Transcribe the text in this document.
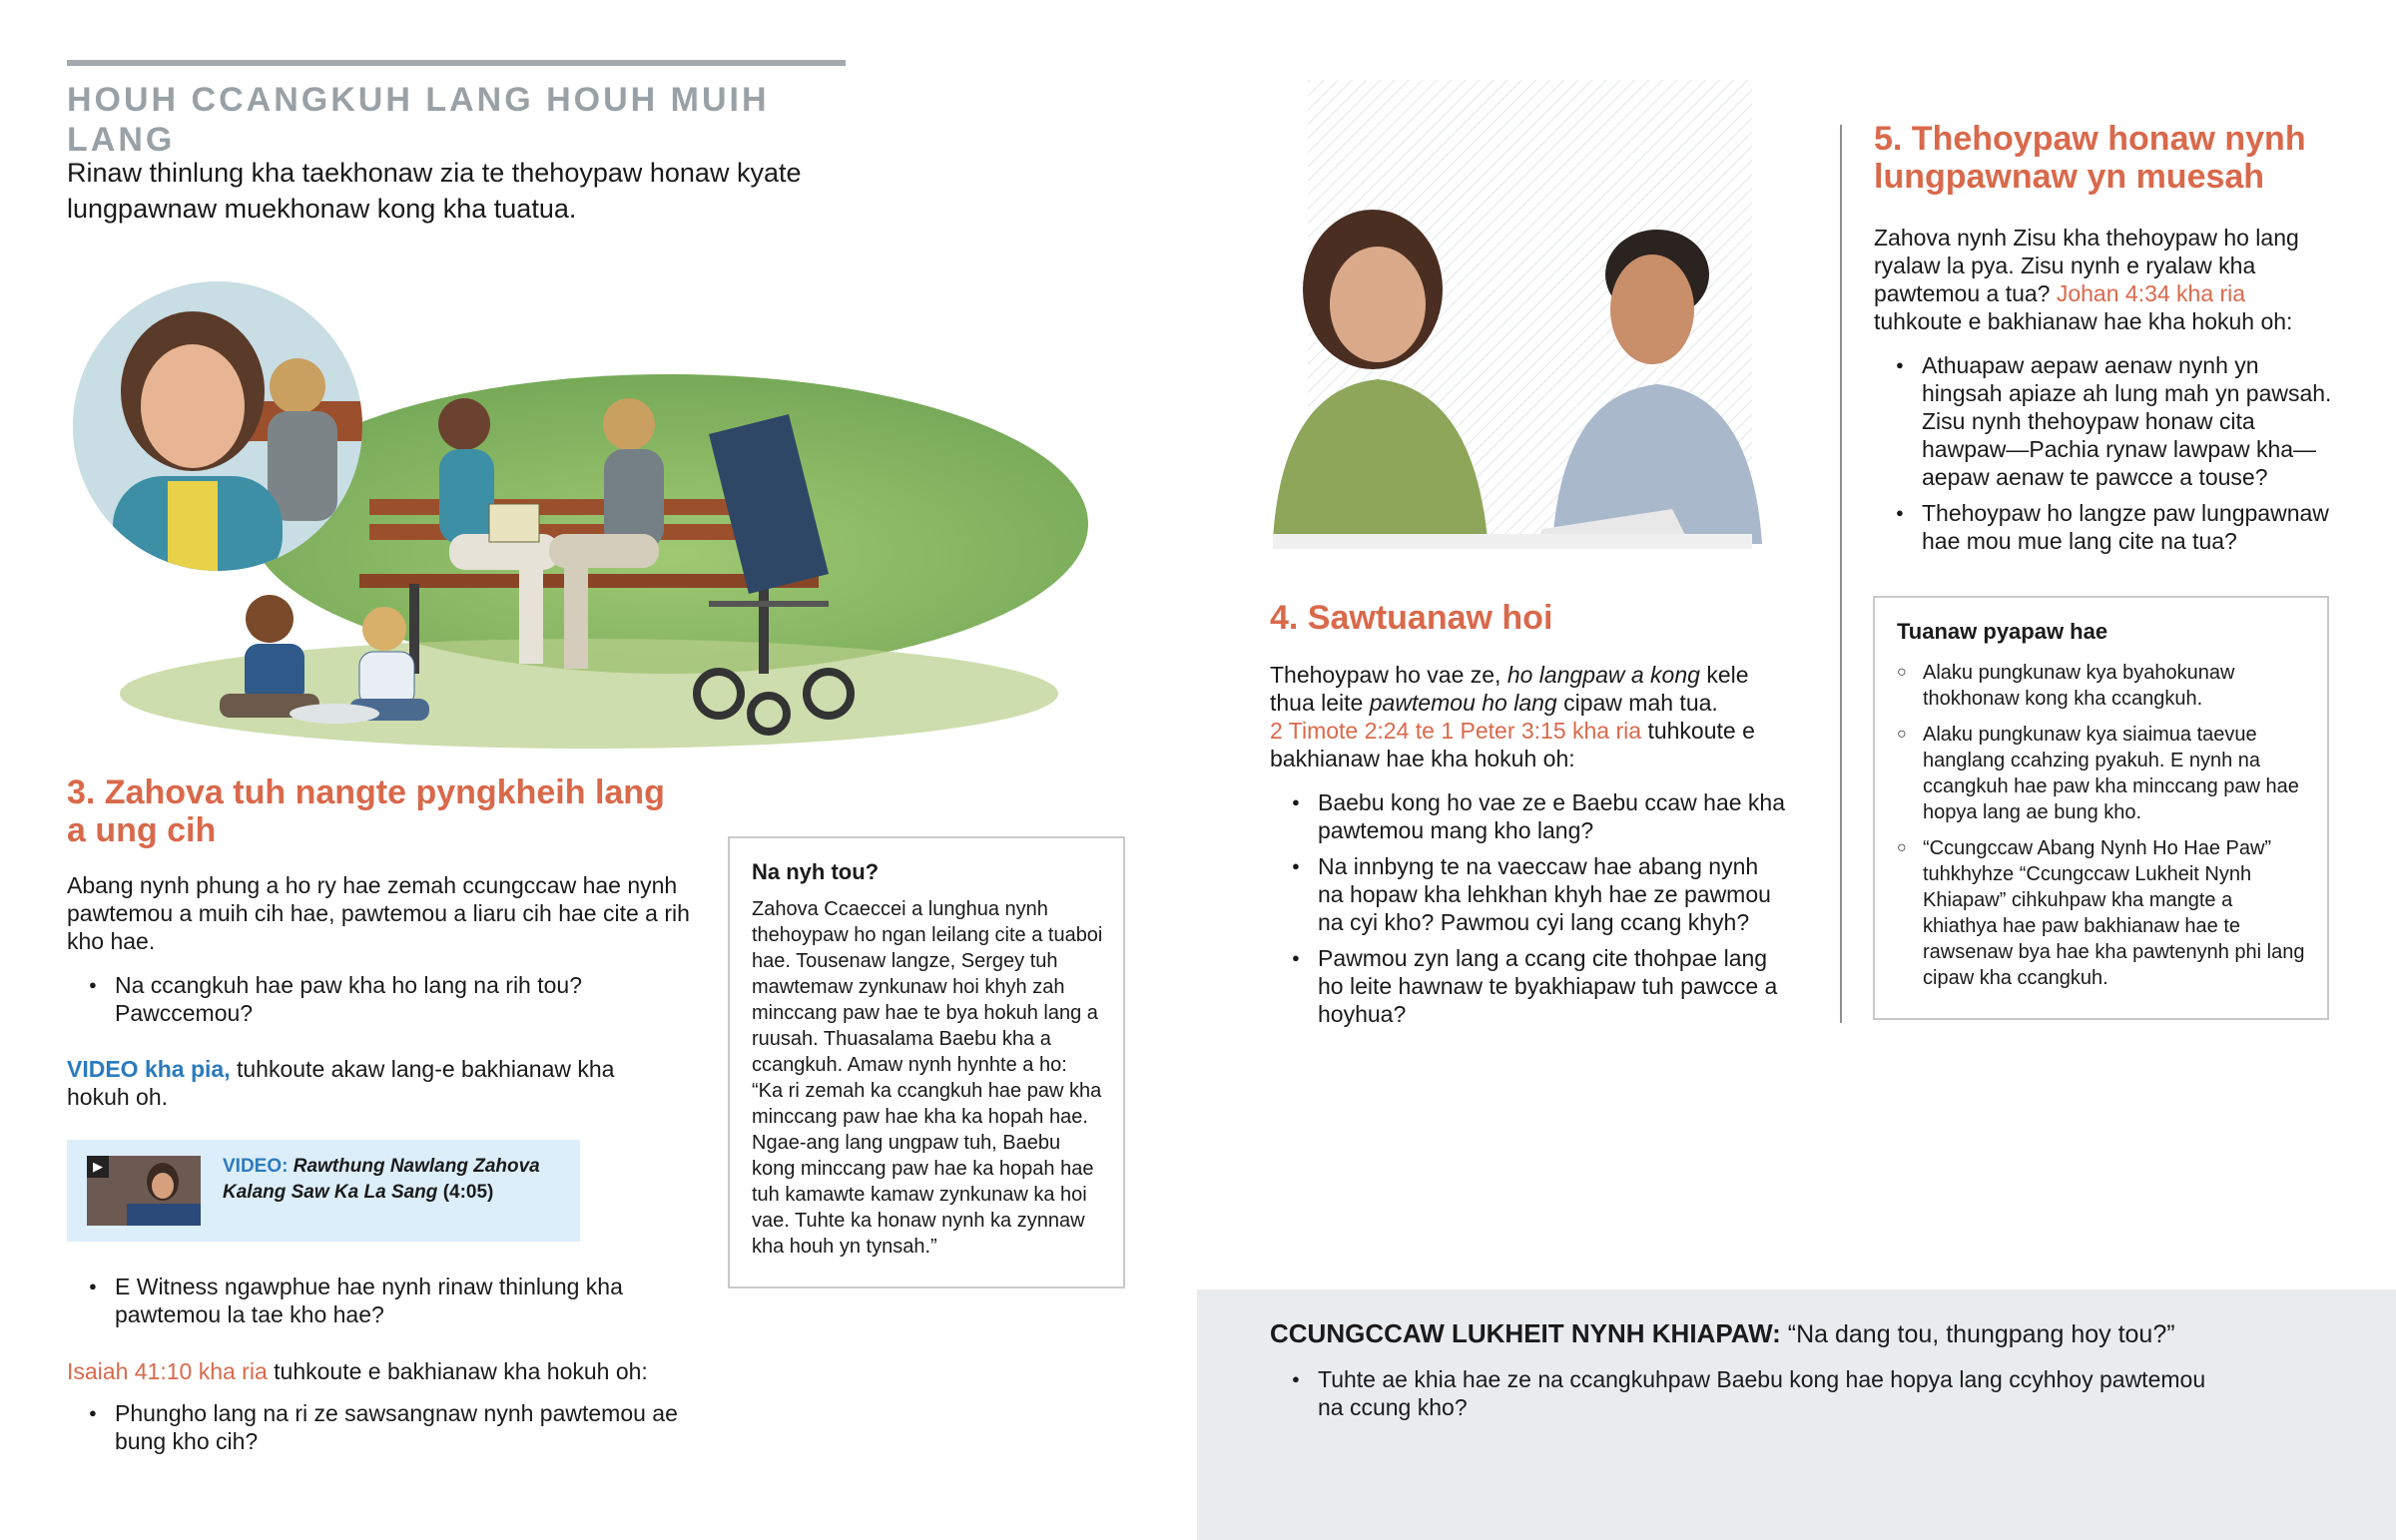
HOUH CCANGKUH LANG HOUH MUIH LANG
Rinaw thinlung kha taekhonaw zia te thehoypaw honaw kyate lungpawnaw muekhonaw kong kha tuatua.
3. Zahova tuh nangte pyngkheih lang a ung cih
Abang nynh phung a ho ry hae zemah ccungccaw hae nynh pawtemou a muih cih hae, pawtemou a liaru cih hae cite a rih kho hae.
● Na ccangkuh hae paw kha ho lang na rih tou? Pawccemou?
VIDEO kha pia, tuhkoute akaw lang-e bakhianaw kha hokuh oh.
▶	VIDEO: Rawthung Nawlang Zahova Kalang Saw Ka La Sang (4:05)
● E Witness ngawphue hae nynh rinaw thinlung kha pawtemou la tae kho hae?
Isaiah 41:10 kha ria tuhkoute e bakhianaw kha hokuh oh:
● Phungho lang na ri ze sawsangnaw nynh pawtemou ae bung kho cih?
Na nyh tou?
Zahova Ccaeccei a lunghua nynh thehoypaw ho ngan leilang cite a tuaboi hae. Tousenaw langze, Sergey tuh mawtemaw zynkunaw hoi khyh zah minccang paw hae te bya hokuh lang a ruusah. Thuasalama Baebu kha a ccangkuh. Amaw nynh hynhte a ho: “Ka ri zemah ka ccangkuh hae paw kha minccang paw hae kha ka hopah hae. Ngae-ang lang ungpaw tuh, Baebu kong minccang paw hae ka hopah hae tuh kamawte kamaw zynkunaw ka hoi vae. Tuhte ka honaw nynh ka zynnaw kha houh yn tynsah.”
4. Sawtuanaw hoi
Thehoypaw ho vae ze, ho langpaw a kong kele thua leite pawtemou ho lang cipaw mah tua.
2 Timote 2:24 te 1 Peter 3:15 kha ria tuhkoute e bakhianaw hae kha hokuh oh:
● Baebu kong ho vae ze e Baebu ccaw hae kha pawtemou mang kho lang?
● Na innbyng te na vaeccaw hae abang nynh na hopaw kha lehkhan khyh hae ze pawmou na cyi kho? Pawmou cyi lang ccang khyh?
● Pawmou zyn lang a ccang cite thohpae lang ho leite hawnaw te byakhiapaw tuh pawcce a hoyhua?
5. Thehoypaw honaw nynh lungpawnaw yn muesah
Zahova nynh Zisu kha thehoypaw ho lang ryalaw la pya. Zisu nynh e ryalaw kha pawtemou a tua? Johan 4:34 kha ria tuhkoute e bakhianaw hae kha hokuh oh:
● Athuapaw aepaw aenaw nynh yn hingsah apiaze ah lung mah yn pawsah. Zisu nynh thehoypaw honaw cita hawpaw—Pachia rynaw lawpaw kha—aepaw aenaw te pawcce a touse?
● Thehoypaw ho langze paw lungpawnaw hae mou mue lang cite na tua?
Tuanaw pyapaw hae
○ Alaku pungkunaw kya byahokunaw thokhonaw kong kha ccangkuh.
○ Alaku pungkunaw kya siaimua taevue hanglang ccahzing pyakuh. E nynh na ccangkuh hae paw kha minccang paw hae hopya lang ae bung kho.
○ “Ccungccaw Abang Nynh Ho Hae Paw” tuhkhyhze “Ccungccaw Lukheit Nynh Khiapaw” cihkuhpaw kha mangte a khiathya hae paw bakhianaw hae te rawsenaw bya hae kha pawtenynh phi lang cipaw kha ccangkuh.
CCUNGCCAW LUKHEIT NYNH KHIAPAW: “Na dang tou, thungpang hoy tou?”
● Tuhte ae khia hae ze na ccangkuhpaw Baebu kong hae hopya lang ccyhhoy pawtemou na ccung kho?
